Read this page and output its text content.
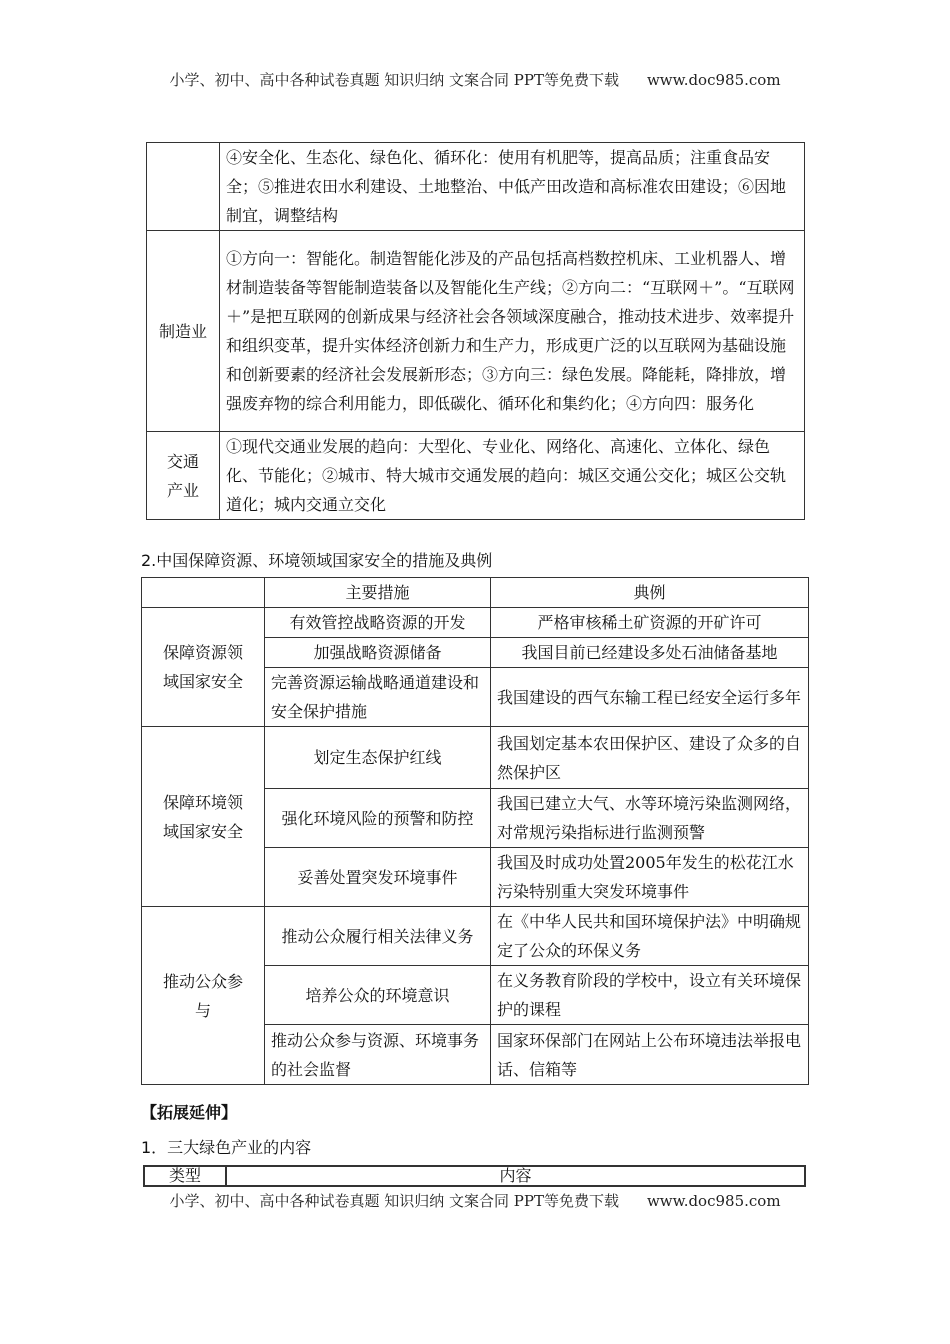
小学、初中、高中各种试卷真题 知识归纳 文案合同 PPT等免费下载 www.doc985.com
	④安全化、生态化、绿色化、循环化：使用有机肥等，提高品质；注重食品安全；⑤推进农田水利建设、土地整治、中低产田改造和高标准农田建设；⑥因地制宜，调整结构
制造业	①方向一：智能化。制造智能化涉及的产品包括高档数控机床、工业机器人、增材制造装备等智能制造装备以及智能化生产线；②方向二：“互联网＋”。“互联网＋”是把互联网的创新成果与经济社会各领域深度融合，推动技术进步、效率提升和组织变革，提升实体经济创新力和生产力，形成更广泛的以互联网为基础设施和创新要素的经济社会发展新形态；③方向三：绿色发展。降能耗，降排放，增强废弃物的综合利用能力，即低碳化、循环化和集约化；④方向四：服务化
交通产业	①现代交通业发展的趋向：大型化、专业化、网络化、高速化、立体化、绿色化、节能化；②城市、特大城市交通发展的趋向：城区交通公交化；城区公交轨道化；城内交通立交化
2.中国保障资源、环境领域国家安全的措施及典例
	主要措施	典例
保障资源领域国家安全	有效管控战略资源的开发	严格审核稀土矿资源的开矿许可
	加强战略资源储备	我国目前已经建设多处石油储备基地
	完善资源运输战略通道建设和安全保护措施	我国建设的西气东输工程已经安全运行多年
保障环境领域国家安全	划定生态保护红线	我国划定基本农田保护区、建设了众多的自然保护区
	强化环境风险的预警和防控	我国已建立大气、水等环境污染监测网络，对常规污染指标进行监测预警
	妥善处置突发环境事件	我国及时成功处置2005年发生的松花江水污染特别重大突发环境事件
推动公众参与	推动公众履行相关法律义务	在《中华人民共和国环境保护法》中明确规定了公众的环保义务
	培养公众的环境意识	在义务教育阶段的学校中，设立有关环境保护的课程
	推动公众参与资源、环境事务的社会监督	国家环保部门在网站上公布环境违法举报电话、信箱等
【拓展延伸】
1．三大绿色产业的内容
类型	内容
小学、初中、高中各种试卷真题 知识归纳 文案合同 PPT等免费下载 www.doc985.com
